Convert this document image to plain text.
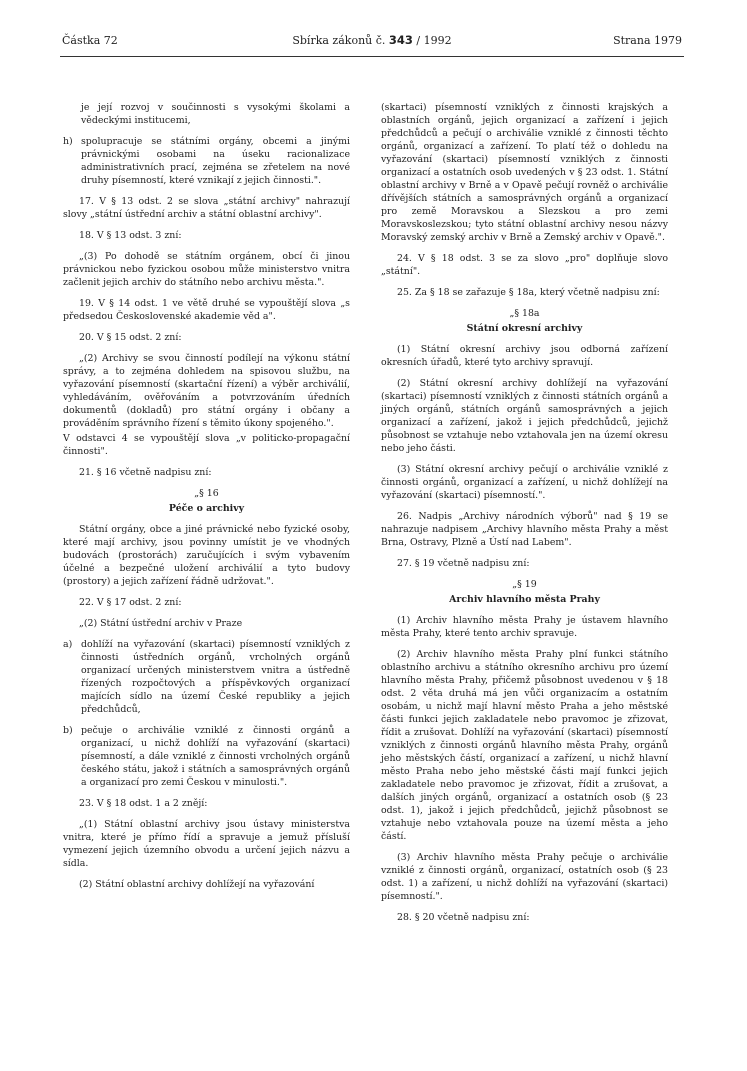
Částka 72	Sbírka zákonů č. 343 / 1992	Strana 1979

je její rozvoj v součinnosti s vysokými školami a vědeckými institucemi,

h) spolupracuje se státními orgány, obcemi a jinými právnickými osobami na úseku racionalizace administrativních prací, zejména se zřetelem na nové druhy písemností, které vznikají z jejich činnosti.".

17. V § 13 odst. 2 se slova „státní archivy" nahrazují slovy „státní ústřední archiv a státní oblastní archivy".

18. V § 13 odst. 3 zní:

„(3) Po dohodě se státním orgánem, obcí či jinou právnickou nebo fyzickou osobou může ministerstvo vnitra začlenit jejich archiv do státního nebo archivu města.".

19. V § 14 odst. 1 ve větě druhé se vypouštějí slova „s předsedou Československé akademie věd a".

20. V § 15 odst. 2 zní:

„(2) Archivy se svou činností podílejí na výkonu státní správy, a to zejména dohledem na spisovou službu, na vyřazování písemností (skartační řízení) a výběr archiválií, vyhledáváním, ověřováním a potvrzováním úředních dokumentů (dokladů) pro státní orgány i občany a prováděním správního řízení s těmito úkony spojeného.".

V odstavci 4 se vypouštějí slova „v politicko-propagační činnosti".

21. § 16 včetně nadpisu zní:

„§ 16

Péče o archivy

Státní orgány, obce a jiné právnické nebo fyzické osoby, které mají archivy, jsou povinny umístit je ve vhodných budovách (prostorách) zaručujících i svým vybavením účelné a bezpečné uložení archiválií a tyto budovy (prostory) a jejich zařízení řádně udržovat.".

22. V § 17 odst. 2 zní:

„(2) Státní ústřední archiv v Praze

a) dohlíží na vyřazování (skartaci) písemností vzniklých z činnosti ústředních orgánů, vrcholných orgánů organizací určených ministerstvem vnitra a ústředně řízených rozpočtových a příspěvkových organizací majících sídlo na území České republiky a jejich předchůdců,
b) pečuje o archiválie vzniklé z činnosti orgánů a organizací, u nichž dohlíží na vyřazování (skartaci) písemností, a dále vzniklé z činnosti vrcholných orgánů českého státu, jakož i státních a samosprávných orgánů a organizací pro zemi Českou v minulosti.".

23. V § 18 odst. 1 a 2 znějí:

„(1) Státní oblastní archivy jsou ústavy ministerstva vnitra, které je přímo řídí a spravuje a jemuž přísluší vymezení jejich územního obvodu a určení jejich názvu a sídla.

(2) Státní oblastní archivy dohlížejí na vyřazování

(skartaci) písemností vzniklých z činnosti krajských a oblastních orgánů, jejich organizací a zařízení i jejich předchůdců a pečují o archiválie vzniklé z činnosti těchto orgánů, organizací a zařízení. To platí též o dohledu na vyřazování (skartaci) písemností vzniklých z činnosti organizací a ostatních osob uvedených v § 23 odst. 1. Státní oblastní archivy v Brně a v Opavě pečují rovněž o archiválie dřívějších státních a samosprávných orgánů a organizací pro země Moravskou a Slezskou a pro zemi Moravskoslezskou; tyto státní oblastní archivy nesou názvy Moravský zemský archiv v Brně a Zemský archiv v Opavě.".

24. V § 18 odst. 3 se za slovo „pro" doplňuje slovo „státní".

25. Za § 18 se zařazuje § 18a, který včetně nadpisu zní:

„§ 18a

Státní okresní archivy

(1) Státní okresní archivy jsou odborná zařízení okresních úřadů, které tyto archivy spravují.

(2) Státní okresní archivy dohlížejí na vyřazování (skartaci) písemností vzniklých z činnosti státních orgánů a jiných orgánů, státních orgánů samosprávných a jejich organizací a zařízení, jakož i jejich předchůdců, jejichž působnost se vztahuje nebo vztahovala jen na území okresu nebo jeho části.

(3) Státní okresní archivy pečují o archiválie vzniklé z činnosti orgánů, organizací a zařízení, u nichž dohlížejí na vyřazování (skartaci) písemností.".

26. Nadpis „Archivy národních výborů" nad § 19 se nahrazuje nadpisem „Archivy hlavního města Prahy a měst Brna, Ostravy, Plzně a Ústí nad Labem".

27. § 19 včetně nadpisu zní:

„§ 19

Archiv hlavního města Prahy

(1) Archiv hlavního města Prahy je ústavem hlavního města Prahy, které tento archiv spravuje.

(2) Archiv hlavního města Prahy plní funkci státního oblastního archivu a státního okresního archivu pro území hlavního města Prahy, přičemž působnost uvedenou v § 18 odst. 2 věta druhá má jen vůči organizacím a ostatním osobám, u nichž mají hlavní město Praha a jeho městské části funkci jejich zakladatele nebo pravomoc je zřizovat, řídit a zrušovat. Dohlíží na vyřazování (skartaci) písemností vzniklých z činnosti orgánů hlavního města Prahy, orgánů jeho městských částí, organizací a zařízení, u nichž hlavní město Praha nebo jeho městské části mají funkci jejich zakladatele nebo pravomoc je zřizovat, řídit a zrušovat, a dalších jiných orgánů, organizací a ostatních osob (§ 23 odst. 1), jakož i jejich předchůdců, jejichž působnost se vztahuje nebo vztahovala pouze na území města a jeho částí.

(3) Archiv hlavního města Prahy pečuje o archiválie vzniklé z činnosti orgánů, organizací, ostatních osob (§ 23 odst. 1) a zařízení, u nichž dohlíží na vyřazování (skartaci) písemností.".

28. § 20 včetně nadpisu zní:
